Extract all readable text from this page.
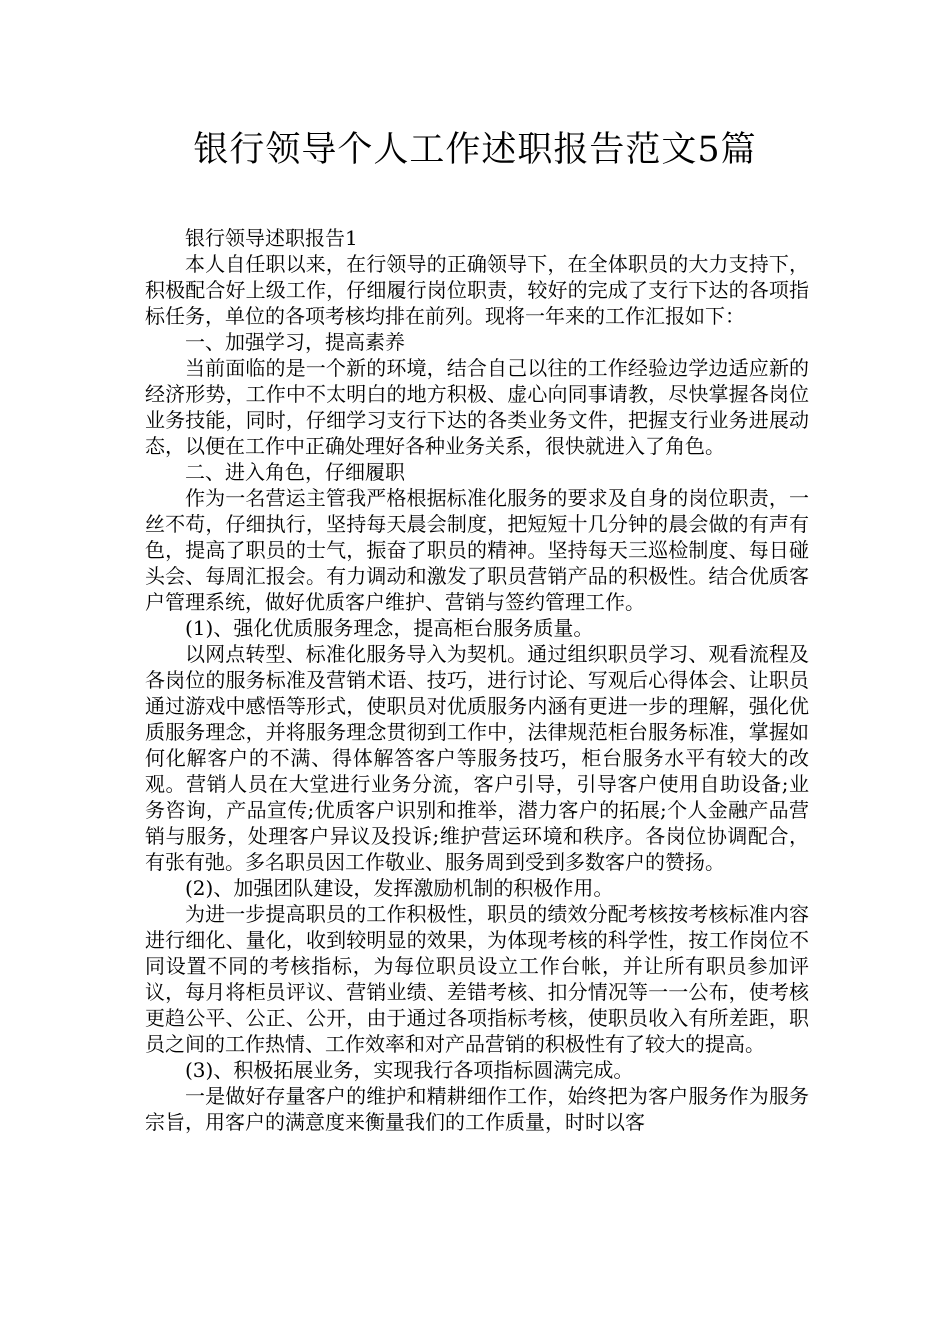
银行领导个人工作述职报告范文5篇

银行领导述职报告1

本人自任职以来，在行领导的正确领导下，在全体职员的大力支持下，积极配合好上级工作，仔细履行岗位职责，较好的完成了支行下达的各项指标任务，单位的各项考核均排在前列。现将一年来的工作汇报如下：

一、加强学习，提高素养

当前面临的是一个新的环境，结合自己以往的工作经验边学边适应新的经济形势，工作中不太明白的地方积极、虚心向同事请教，尽快掌握各岗位业务技能，同时，仔细学习支行下达的各类业务文件，把握支行业务进展动态，以便在工作中正确处理好各种业务关系，很快就进入了角色。

二、进入角色，仔细履职

作为一名营运主管我严格根据标准化服务的要求及自身的岗位职责，一丝不苟，仔细执行，坚持每天晨会制度，把短短十几分钟的晨会做的有声有色，提高了职员的士气，振奋了职员的精神。坚持每天三巡检制度、每日碰头会、每周汇报会。有力调动和激发了职员营销产品的积极性。结合优质客户管理系统，做好优质客户维护、营销与签约管理工作。

(1)、强化优质服务理念，提高柜台服务质量。

以网点转型、标准化服务导入为契机。通过组织职员学习、观看流程及各岗位的服务标准及营销术语、技巧，进行讨论、写观后心得体会、让职员通过游戏中感悟等形式，使职员对优质服务内涵有更进一步的理解，强化优质服务理念，并将服务理念贯彻到工作中，法律规范柜台服务标准，掌握如何化解客户的不满、得体解答客户等服务技巧，柜台服务水平有较大的改观。营销人员在大堂进行业务分流，客户引导，引导客户使用自助设备;业务咨询，产品宣传;优质客户识别和推举，潜力客户的拓展;个人金融产品营销与服务，处理客户异议及投诉;维护营运环境和秩序。各岗位协调配合，有张有弛。多名职员因工作敬业、服务周到受到多数客户的赞扬。

(2)、加强团队建设，发挥激励机制的积极作用。

为进一步提高职员的工作积极性，职员的绩效分配考核按考核标准内容进行细化、量化，收到较明显的效果，为体现考核的科学性，按工作岗位不同设置不同的考核指标，为每位职员设立工作台帐，并让所有职员参加评议，每月将柜员评议、营销业绩、差错考核、扣分情况等一一公布，使考核更趋公平、公正、公开，由于通过各项指标考核，使职员收入有所差距，职员之间的工作热情、工作效率和对产品营销的积极性有了较大的提高。

(3)、积极拓展业务，实现我行各项指标圆满完成。

一是做好存量客户的维护和精耕细作工作，始终把为客户服务作为服务宗旨，用客户的满意度来衡量我们的工作质量，时时以客
